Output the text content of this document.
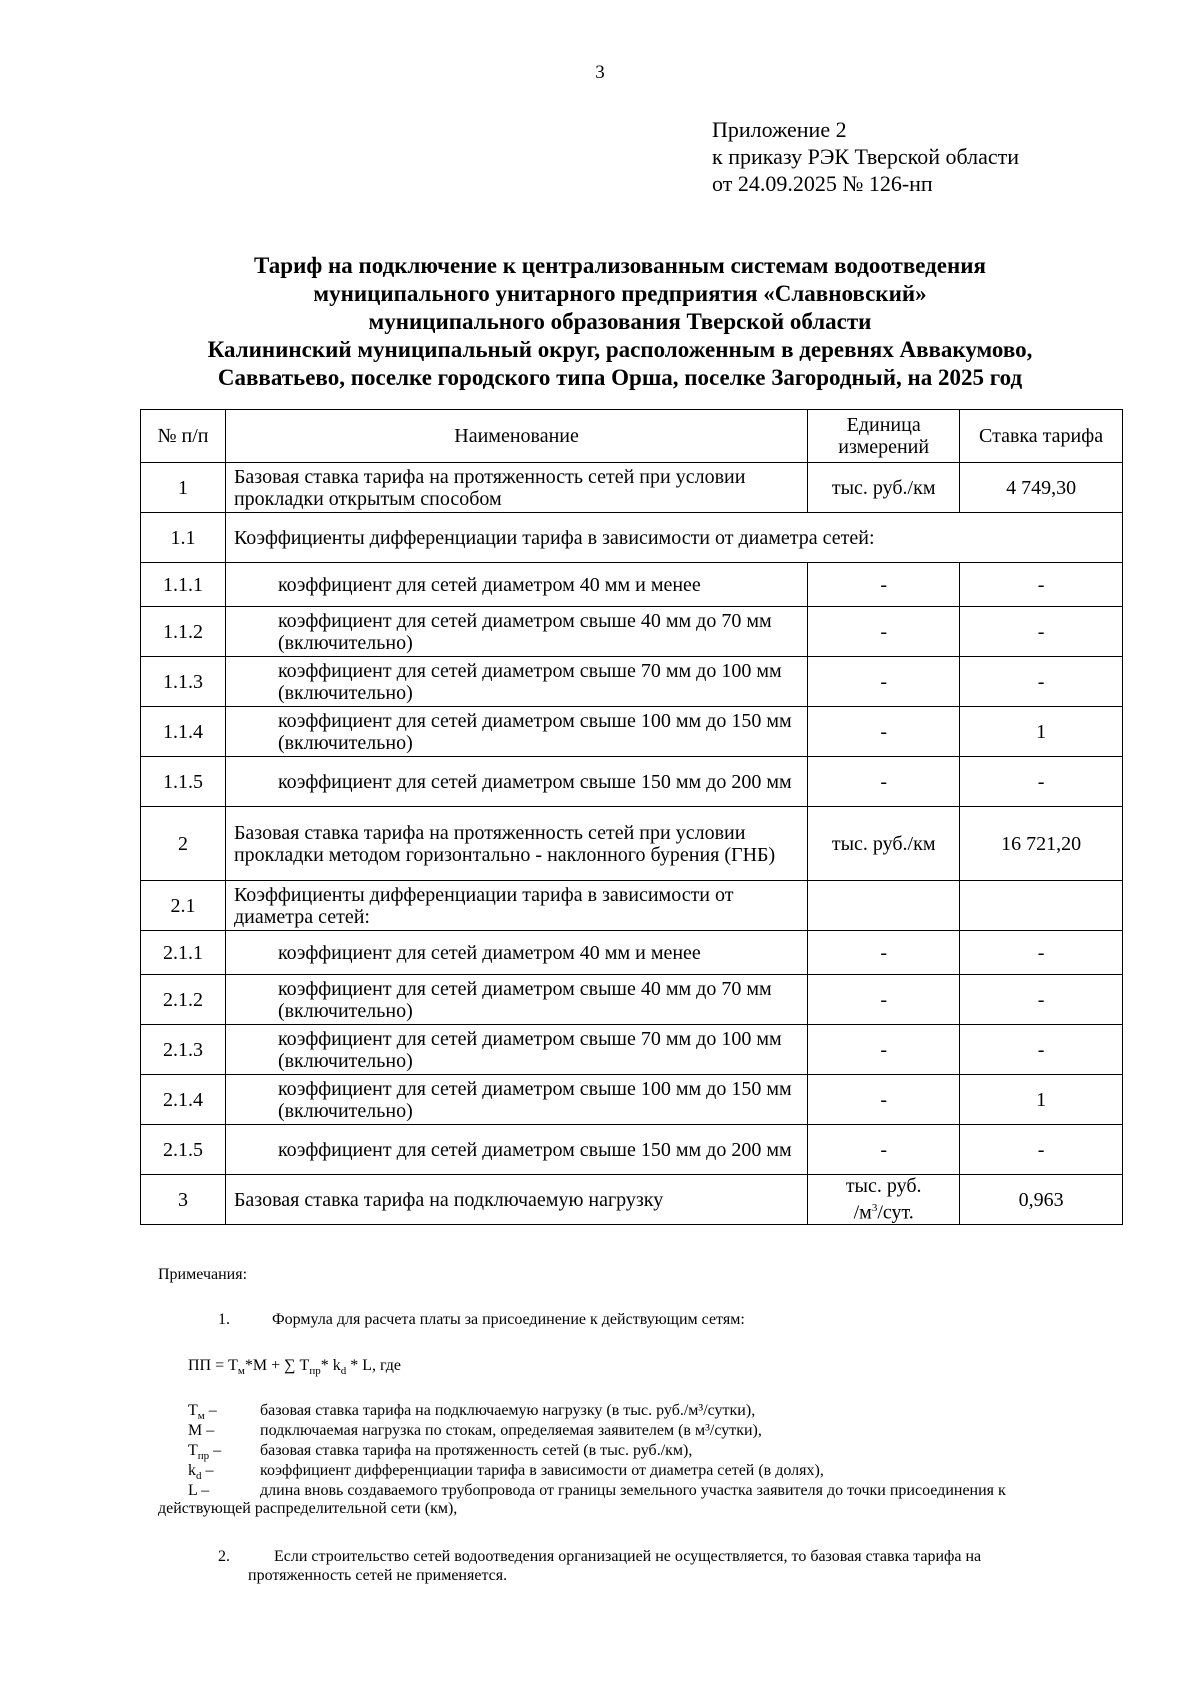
3
Приложение 2
к приказу РЭК Тверской области
от 24.09.2025 № 126-нп
Тариф на подключение к централизованным системам водоотведения
муниципального унитарного предприятия «Славновский»
муниципального образования Тверской области
Калининский муниципальный округ, расположенным в деревнях Аввакумово,
Савватьево, поселке городского типа Орша, поселке Загородный, на 2025 год
№ п/п	Наименование	Единица измерений	Ставка тарифа
1	Базовая ставка тарифа на протяженность сетей при условии прокладки открытым способом	тыс. руб./км	4 749,30
1.1	Коэффициенты дифференциации тарифа в зависимости от диаметра сетей:		
1.1.1	коэффициент для сетей диаметром 40 мм и менее	-	-
1.1.2	коэффициент для сетей диаметром свыше 40 мм до 70 мм (включительно)	-	-
1.1.3	коэффициент для сетей диаметром свыше 70 мм до 100 мм (включительно)	-	-
1.1.4	коэффициент для сетей диаметром свыше 100 мм до 150 мм (включительно)	-	1
1.1.5	коэффициент для сетей диаметром свыше 150 мм до 200 мм	-	-
2	Базовая ставка тарифа на протяженность сетей при условии прокладки методом горизонтально - наклонного бурения (ГНБ)	тыс. руб./км	16 721,20
2.1	Коэффициенты дифференциации тарифа в зависимости от диаметра сетей:		
2.1.1	коэффициент для сетей диаметром 40 мм и менее	-	-
2.1.2	коэффициент для сетей диаметром свыше 40 мм до 70 мм (включительно)	-	-
2.1.3	коэффициент для сетей диаметром свыше 70 мм до 100 мм (включительно)	-	-
2.1.4	коэффициент для сетей диаметром свыше 100 мм до 150 мм (включительно)	-	1
2.1.5	коэффициент для сетей диаметром свыше 150 мм до 200 мм	-	-
3	Базовая ставка тарифа на подключаемую нагрузку	тыс. руб.
$/м^3$/сут.	0,963
Примечания:
1.	Формула для расчета платы за присоединение к действующим сетям:
ПП = $Т_м*М$ + ∑ $Т_{пр}*$ $k_d$ * L, где
$Т_м$ –	базовая ставка тарифа на подключаемую нагрузку (в тыс. руб./м³/сутки),
М –	подключаемая нагрузка по стокам, определяемая заявителем (в м³/сутки),
$Т_{пр}$ – базовая ставка тарифа на протяженность сетей (в тыс. руб./км),
$k_d$ –	коэффициент дифференциации тарифа в зависимости от диаметра сетей (в долях),
L –	длина вновь создаваемого трубопровода от границы земельного участка заявителя до точки присоединения к
действующей распределительной сети (км),
2.	Если строительство сетей водоотведения организацией не осуществляется, то базовая ставка тарифа на
протяженность сетей не применяется.
